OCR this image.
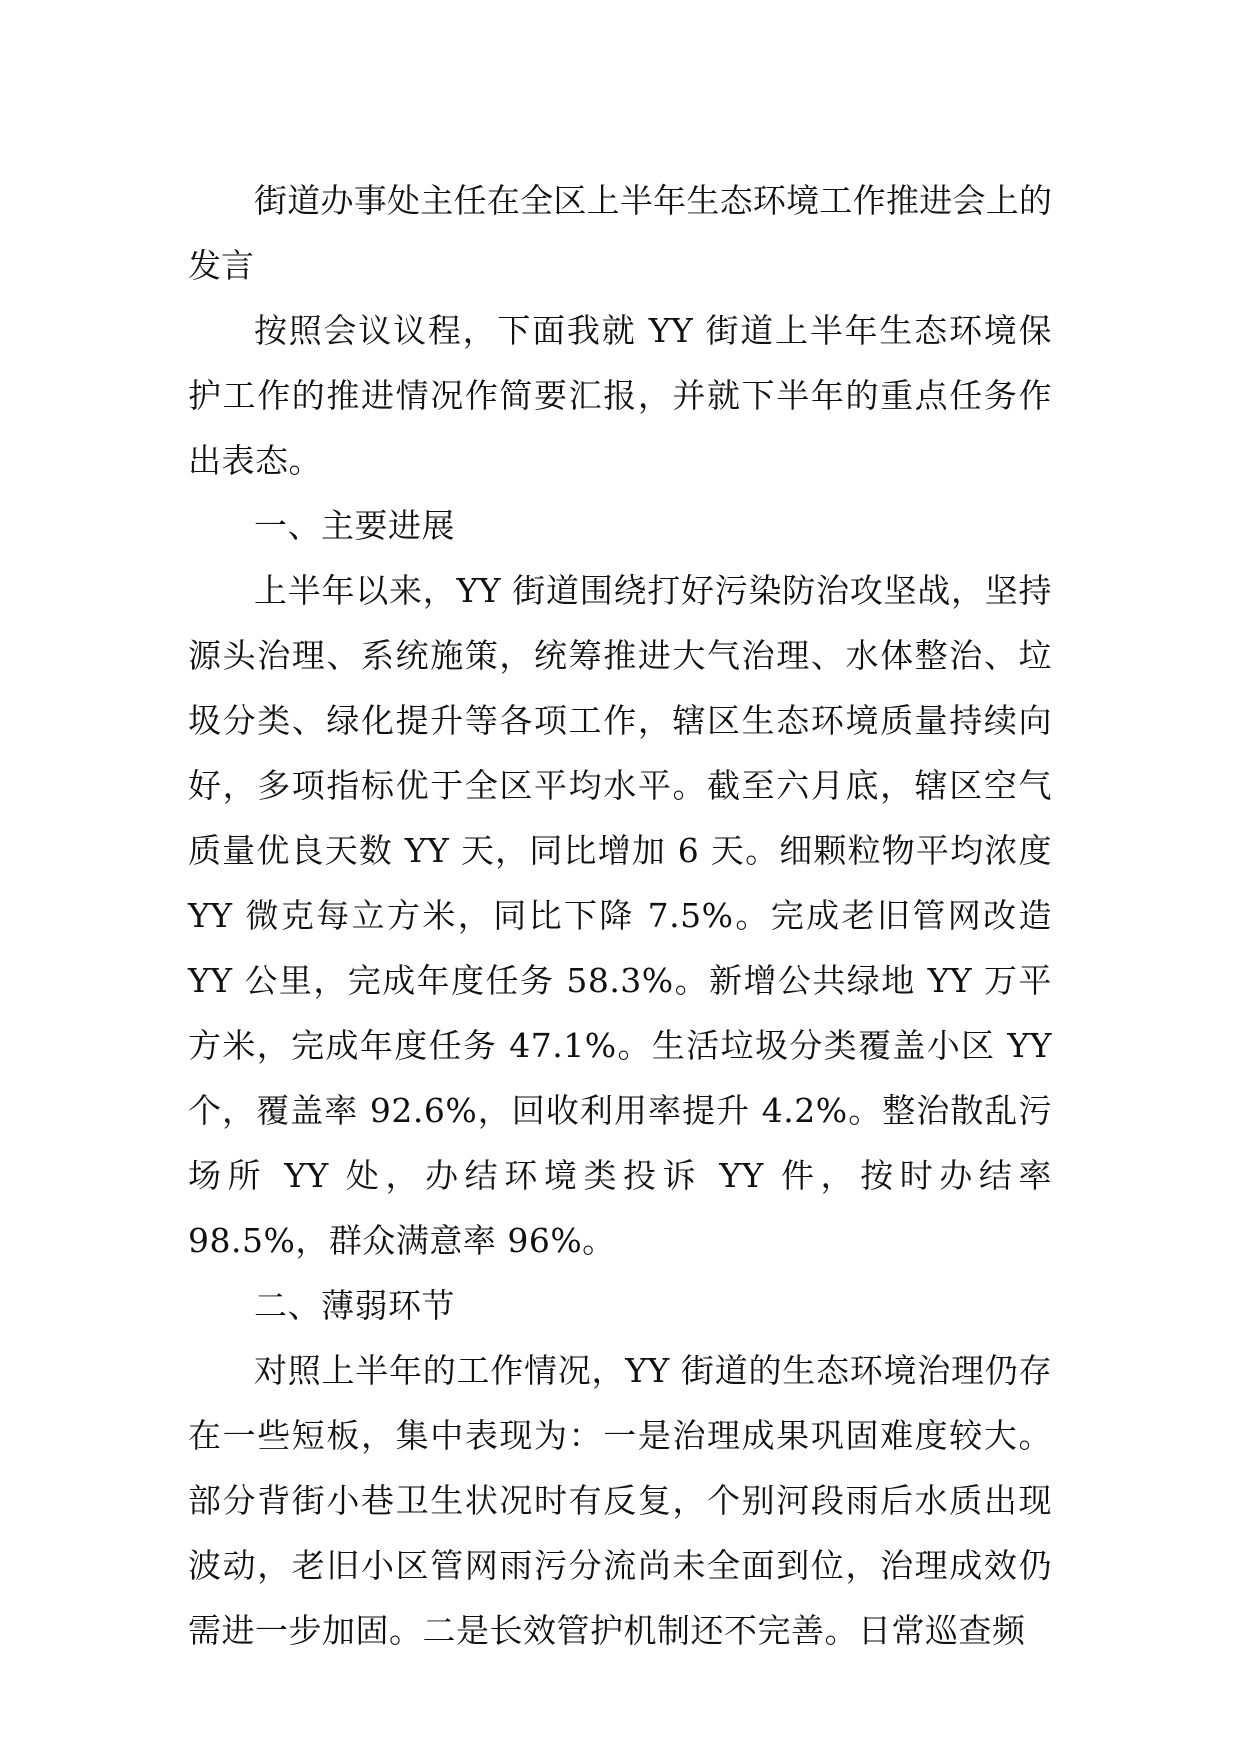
街道办事处主任在全区上半年生态环境工作推进会上的发言

按照会议议程，下面我就 YY 街道上半年生态环境保护工作的推进情况作简要汇报，并就下半年的重点任务作出表态。

一、主要进展

上半年以来，YY 街道围绕打好污染防治攻坚战，坚持源头治理、系统施策，统筹推进大气治理、水体整治、垃圾分类、绿化提升等各项工作，辖区生态环境质量持续向好，多项指标优于全区平均水平。截至六月底，辖区空气质量优良天数 YY 天，同比增加 6 天。细颗粒物平均浓度 YY 微克每立方米，同比下降 7.5%。完成老旧管网改造 YY 公里，完成年度任务 58.3%。新增公共绿地 YY 万平方米，完成年度任务 47.1%。生活垃圾分类覆盖小区 YY 个，覆盖率 92.6%，回收利用率提升 4.2%。整治散乱污场所 YY 处，办结环境类投诉 YY 件，按时办结率 98.5%，群众满意率 96%。

二、薄弱环节

对照上半年的工作情况，YY 街道的生态环境治理仍存在一些短板，集中表现为：一是治理成果巩固难度较大。部分背街小巷卫生状况时有反复，个别河段雨后水质出现波动，老旧小区管网雨污分流尚未全面到位，治理成效仍需进一步加固。二是长效管护机制还不完善。日常巡查频
